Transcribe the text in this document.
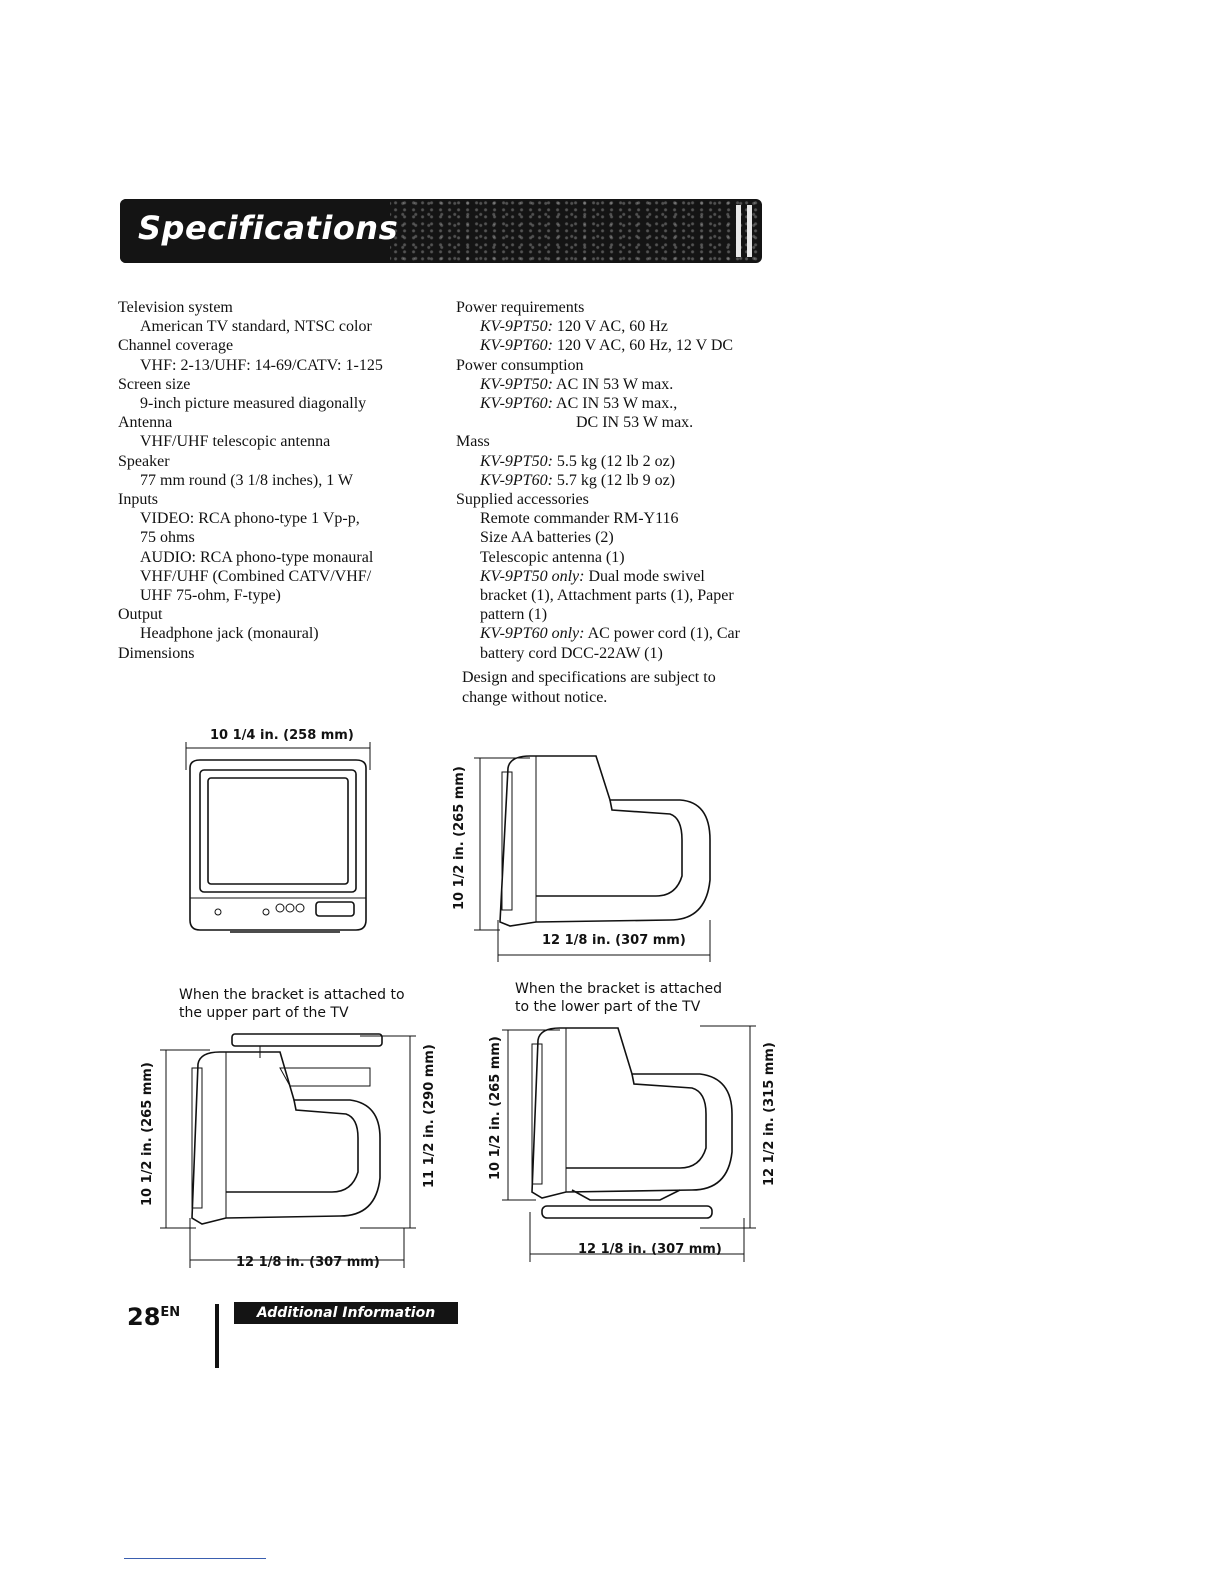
Specifications
Television system
American TV standard, NTSC color
Channel coverage
VHF: 2-13/UHF: 14-69/CATV: 1-125
Screen size
9-inch picture measured diagonally
Antenna
VHF/UHF telescopic antenna
Speaker
77 mm round (3 1/8 inches), 1 W
Inputs
VIDEO: RCA phono-type 1 Vp-p,
75 ohms
AUDIO: RCA phono-type monaural
VHF/UHF (Combined CATV/VHF/
UHF 75-ohm, F-type)
Output
Headphone jack (monaural)
Dimensions
Power requirements
KV-9PT50: 120 V AC, 60 Hz
KV-9PT60: 120 V AC, 60 Hz, 12 V DC
Power consumption
KV-9PT50: AC IN 53 W max.
KV-9PT60: AC IN 53 W max.,
DC IN 53 W max.
Mass
KV-9PT50: 5.5 kg (12 lb 2 oz)
KV-9PT60: 5.7 kg (12 lb 9 oz)
Supplied accessories
Remote commander RM-Y116
Size AA batteries (2)
Telescopic antenna (1)
KV-9PT50 only: Dual mode swivel
bracket (1), Attachment parts (1), Paper
pattern (1)
KV-9PT60 only: AC power cord (1), Car
battery cord DCC-22AW (1)
Design and specifications are subject to change without notice.
10 1/4 in. (258 mm)
10 1/2 in. (265 mm)
12 1/8 in. (307 mm)
When the bracket is attached to the upper part of the TV
When the bracket is attached to the lower part of the TV
10 1/2 in. (265 mm)	11 1/2 in. (290 mm)
12 1/8 in. (307 mm)
10 1/2 in. (265 mm)	12 1/2 in. (315 mm)
12 1/8 in. (307 mm)
$28^{EN}$	Additional Information
